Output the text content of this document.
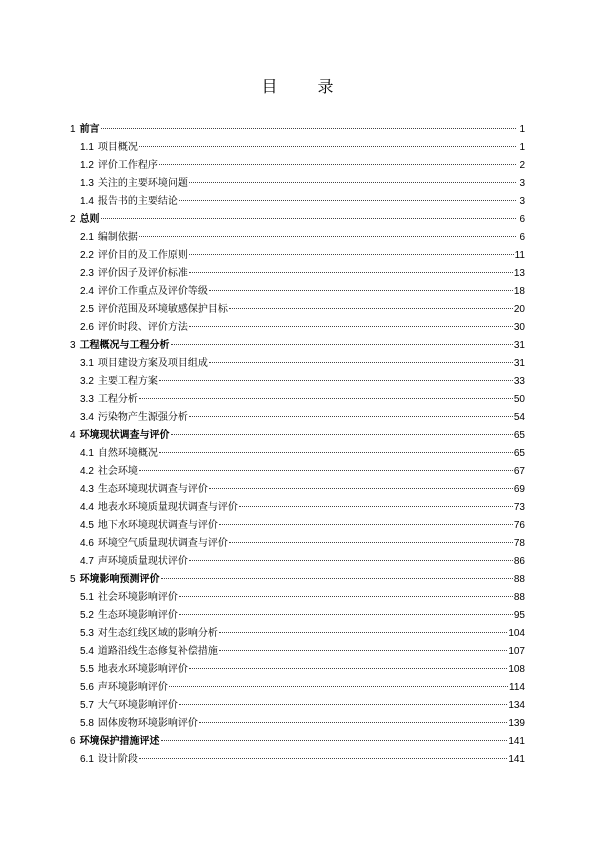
目	录
1 前言	1
1.1 项目概况	1
1.2 评价工作程序	2
1.3 关注的主要环境问题	3
1.4 报告书的主要结论	3
2 总则	6
2.1 编制依据	6
2.2 评价目的及工作原则	11
2.3 评价因子及评价标准	13
2.4 评价工作重点及评价等级	18
2.5 评价范围及环境敏感保护目标	20
2.6 评价时段、评价方法	30
3 工程概况与工程分析	31
3.1 项目建设方案及项目组成	31
3.2 主要工程方案	33
3.3 工程分析	50
3.4 污染物产生源强分析	54
4 环境现状调查与评价	65
4.1 自然环境概况	65
4.2 社会环境	67
4.3 生态环境现状调查与评价	69
4.4 地表水环境质量现状调查与评价	73
4.5 地下水环境现状调查与评价	76
4.6 环境空气质量现状调查与评价	78
4.7 声环境质量现状评价	86
5 环境影响预测评价	88
5.1 社会环境影响评价	88
5.2 生态环境影响评价	95
5.3 对生态红线区域的影响分析	104
5.4 道路沿线生态修复补偿措施	107
5.5 地表水环境影响评价	108
5.6 声环境影响评价	114
5.7 大气环境影响评价	134
5.8 固体废物环境影响评价	139
6 环境保护措施评述	141
6.1 设计阶段	141
